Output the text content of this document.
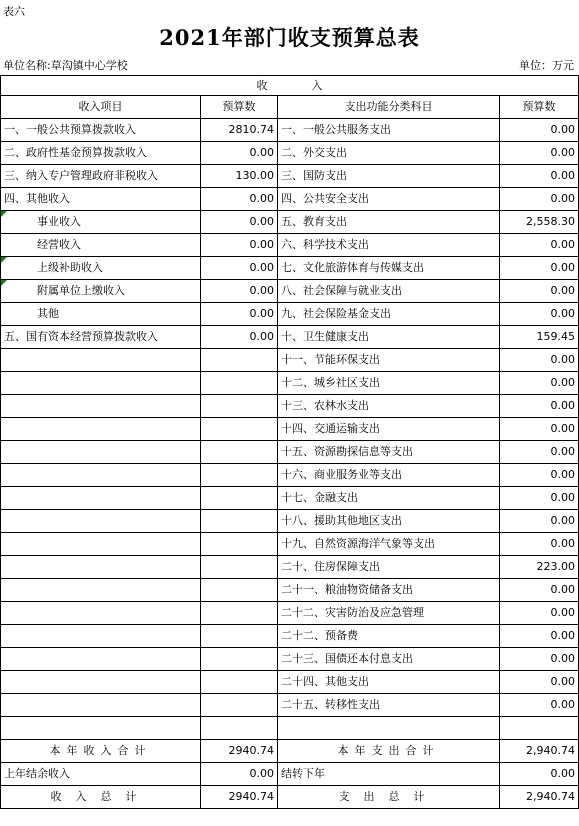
表六
2021年部门收支预算总表
单位名称:草沟镇中心学校	单位：万元
收　　　　入			
收入项目	预算数	支出功能分类科目	预算数
一、一般公共预算拨款收入	2810.74	一、一般公共服务支出	0.00
二、政府性基金预算拨款收入	0.00	二、外交支出	0.00
三、纳入专户管理政府非税收入	130.00	三、国防支出	0.00
四、其他收入	0.00	四、公共安全支出	0.00
事业收入	0.00	五、教育支出	2,558.30
经营收入	0.00	六、科学技术支出	0.00
上级补助收入	0.00	七、文化旅游体育与传媒支出	0.00
附属单位上缴收入	0.00	八、社会保障与就业支出	0.00
其他	0.00	九、社会保险基金支出	0.00
五、国有资本经营预算拨款收入	0.00	十、卫生健康支出	159.45
		十一、节能环保支出	0.00
		十二、城乡社区支出	0.00
		十三、农林水支出	0.00
		十四、交通运输支出	0.00
		十五、资源勘探信息等支出	0.00
		十六、商业服务业等支出	0.00
		十七、金融支出	0.00
		十八、援助其他地区支出	0.00
		十九、自然资源海洋气象等支出	0.00
		二十、住房保障支出	223.00
		二十一、粮油物资储备支出	0.00
		二十二、灾害防治及应急管理	0.00
		二十二、预备费	0.00
		二十三、国债还本付息支出	0.00
		二十四、其他支出	0.00
		二十五、转移性支出	0.00

本年收入合计	2940.74	本年支出合计	2,940.74
上年结余收入	0.00	结转下年	0.00
收入总计	2940.74	支出总计	2,940.74
